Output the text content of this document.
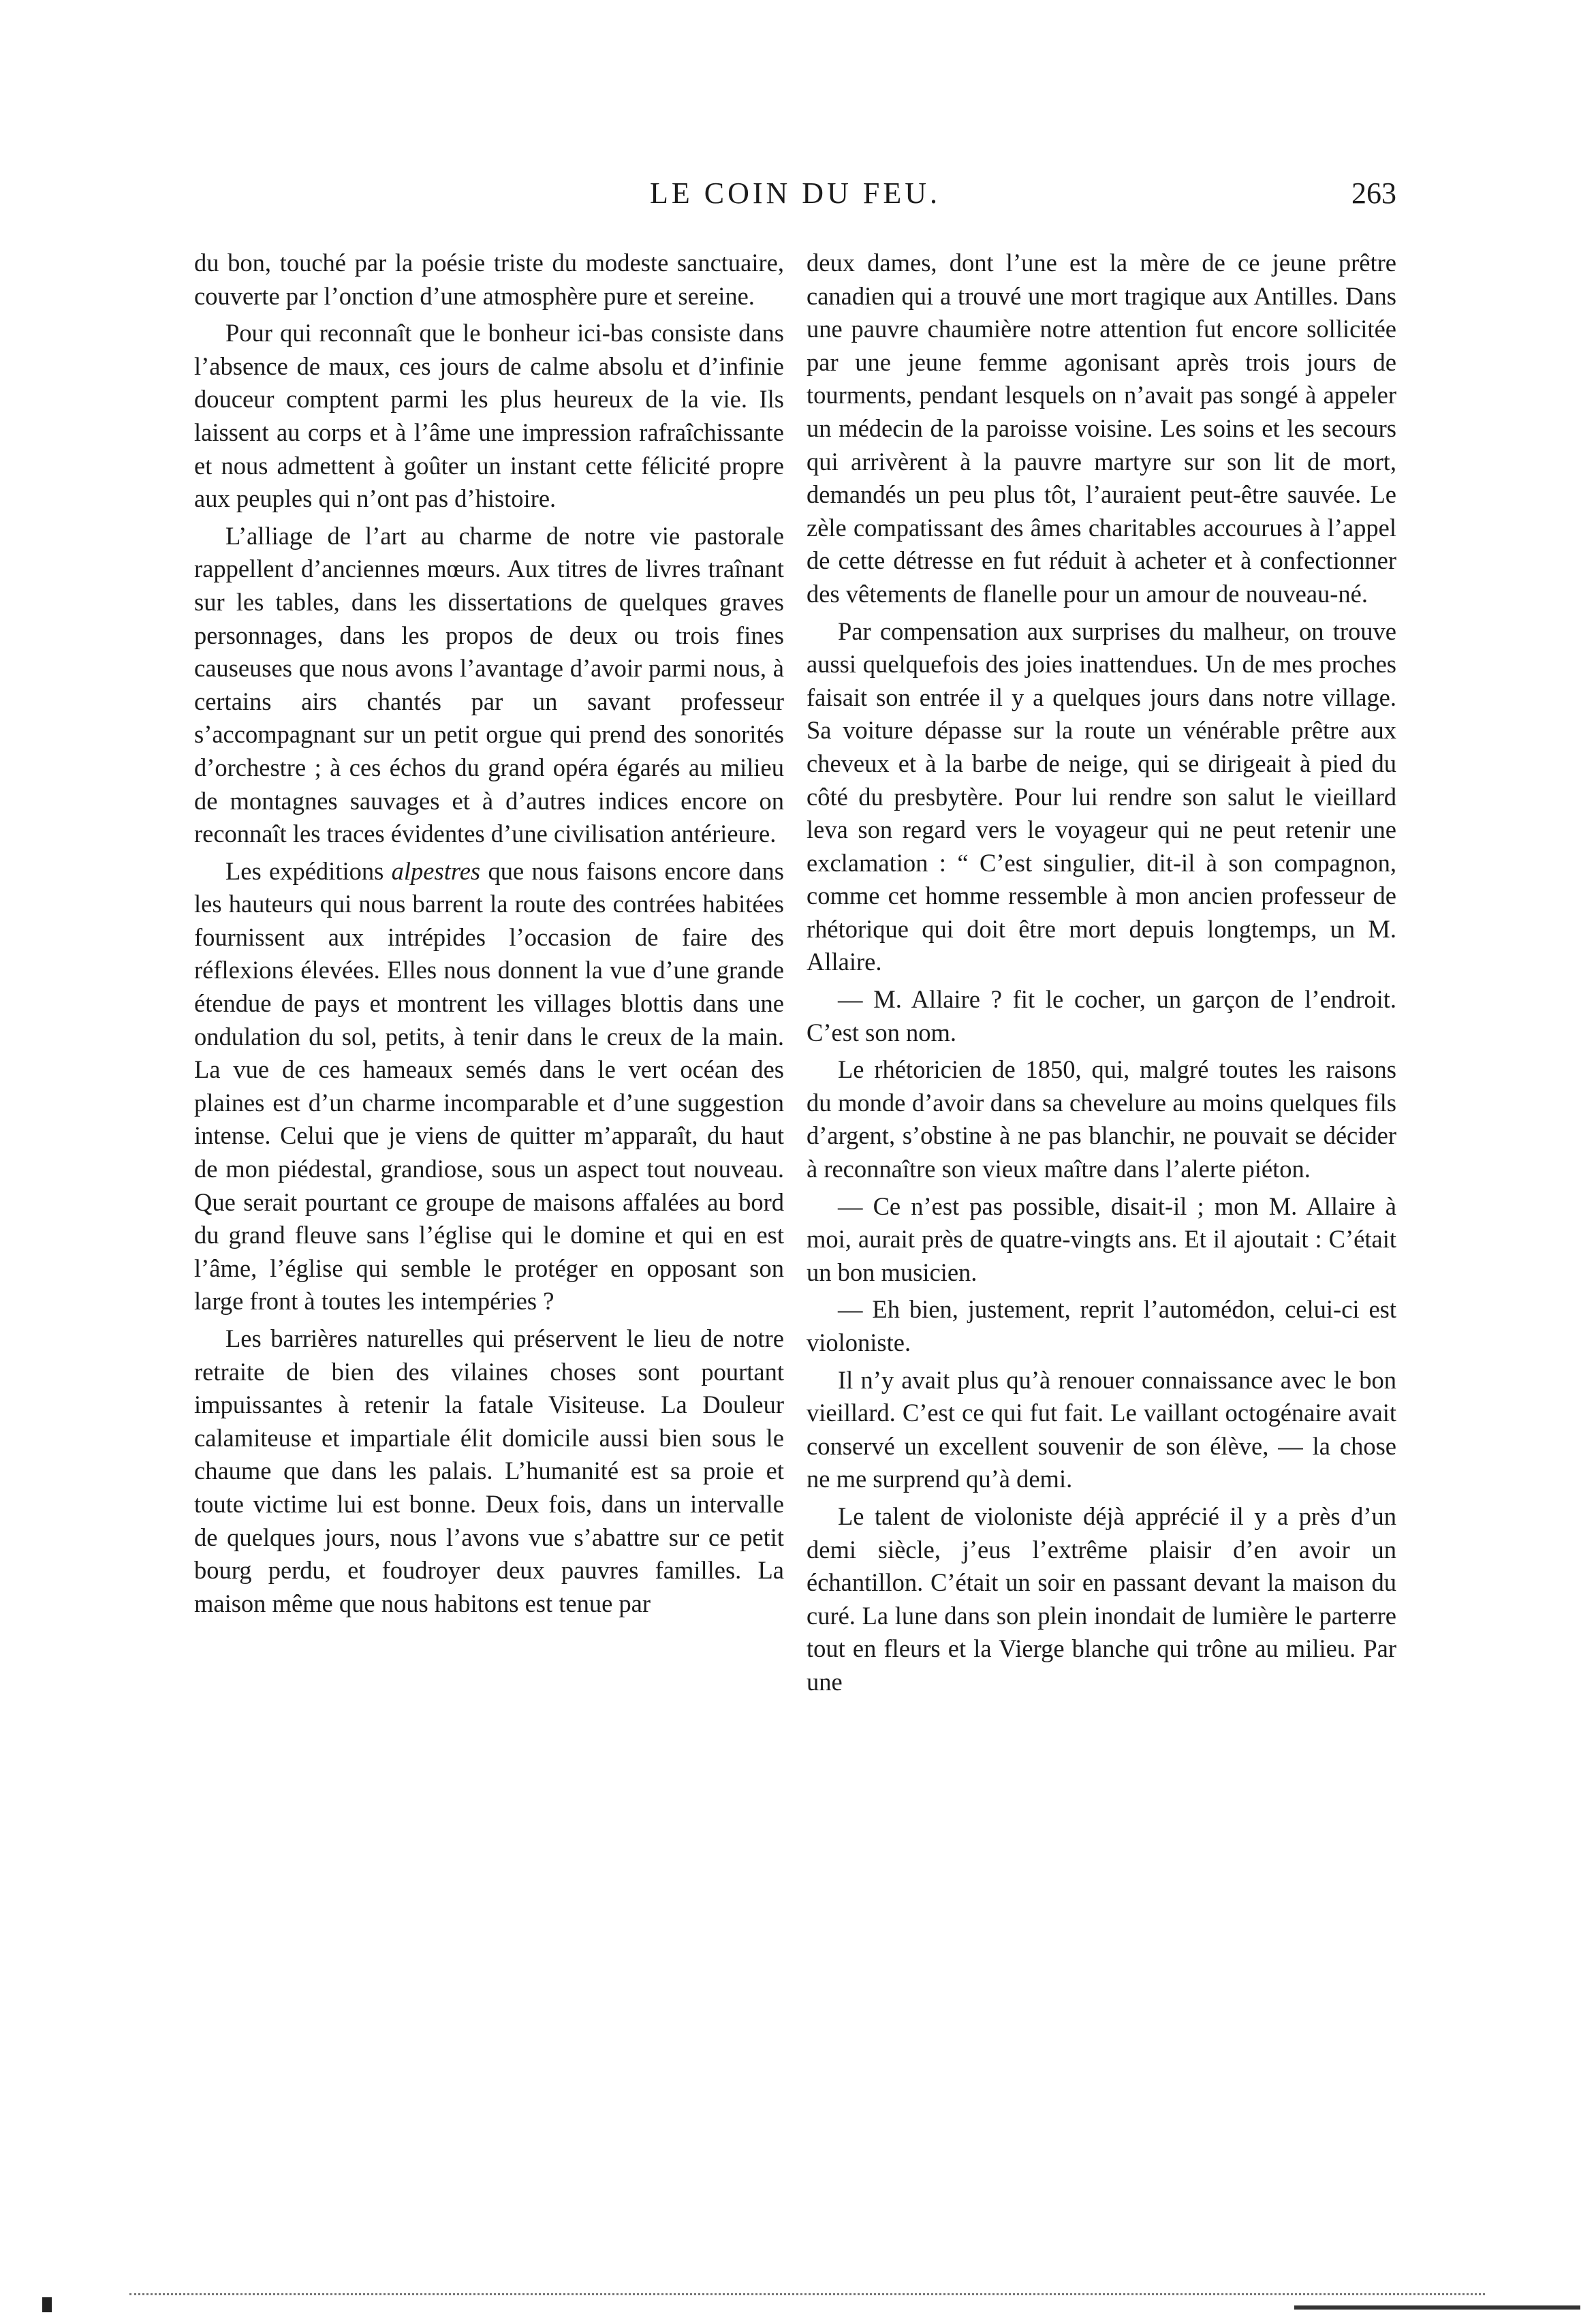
LE COIN DU FEU.	263

du bon, touché par la poésie triste du modeste sanctuaire, couverte par l’onction d’une atmosphère pure et sereine.

Pour qui reconnaît que le bonheur ici-bas consiste dans l’absence de maux, ces jours de calme absolu et d’infinie douceur comptent parmi les plus heureux de la vie. Ils laissent au corps et à l’âme une impression rafraîchissante et nous admettent à goûter un instant cette félicité propre aux peuples qui n’ont pas d’histoire.

L’alliage de l’art au charme de notre vie pastorale rappellent d’anciennes mœurs. Aux titres de livres traînant sur les tables, dans les dissertations de quelques graves personnages, dans les propos de deux ou trois fines causeuses que nous avons l’avantage d’avoir parmi nous, à certains airs chantés par un savant professeur s’accompagnant sur un petit orgue qui prend des sonorités d’orchestre ; à ces échos du grand opéra égarés au milieu de montagnes sauvages et à d’autres indices encore on reconnaît les traces évidentes d’une civilisation antérieure.

Les expéditions alpestres que nous faisons encore dans les hauteurs qui nous barrent la route des contrées habitées fournissent aux intrépides l’occasion de faire des réflexions élevées. Elles nous donnent la vue d’une grande étendue de pays et montrent les villages blottis dans une ondulation du sol, petits, à tenir dans le creux de la main. La vue de ces hameaux semés dans le vert océan des plaines est d’un charme incomparable et d’une suggestion intense. Celui que je viens de quitter m’apparaît, du haut de mon piédestal, grandiose, sous un aspect tout nouveau. Que serait pourtant ce groupe de maisons affalées au bord du grand fleuve sans l’église qui le domine et qui en est l’âme, l’église qui semble le protéger en opposant son large front à toutes les intempéries ?

Les barrières naturelles qui préservent le lieu de notre retraite de bien des vilaines choses sont pourtant impuissantes à retenir la fatale Visiteuse. La Douleur calamiteuse et impartiale élit domicile aussi bien sous le chaume que dans les palais. L’humanité est sa proie et toute victime lui est bonne. Deux fois, dans un intervalle de quelques jours, nous l’avons vue s’abattre sur ce petit bourg perdu, et foudroyer deux pauvres familles. La maison même que nous habitons est tenue par

deux dames, dont l’une est la mère de ce jeune prêtre canadien qui a trouvé une mort tragique aux Antilles. Dans une pauvre chaumière notre attention fut encore sollicitée par une jeune femme agonisant après trois jours de tourments, pendant lesquels on n’avait pas songé à appeler un médecin de la paroisse voisine. Les soins et les secours qui arrivèrent à la pauvre martyre sur son lit de mort, demandés un peu plus tôt, l’auraient peut-être sauvée. Le zèle compatissant des âmes charitables accourues à l’appel de cette détresse en fut réduit à acheter et à confectionner des vêtements de flanelle pour un amour de nouveau-né.

Par compensation aux surprises du malheur, on trouve aussi quelquefois des joies inattendues. Un de mes proches faisait son entrée il y a quelques jours dans notre village. Sa voiture dépasse sur la route un vénérable prêtre aux cheveux et à la barbe de neige, qui se dirigeait à pied du côté du presbytère. Pour lui rendre son salut le vieillard leva son regard vers le voyageur qui ne peut retenir une exclamation : “ C’est singulier, dit-il à son compagnon, comme cet homme ressemble à mon ancien professeur de rhétorique qui doit être mort depuis longtemps, un M. Allaire.

— M. Allaire ? fit le cocher, un garçon de l’endroit. C’est son nom.

Le rhétoricien de 1850, qui, malgré toutes les raisons du monde d’avoir dans sa chevelure au moins quelques fils d’argent, s’obstine à ne pas blanchir, ne pouvait se décider à reconnaître son vieux maître dans l’alerte piéton.

— Ce n’est pas possible, disait-il ; mon M. Allaire à moi, aurait près de quatre-vingts ans. Et il ajoutait : C’était un bon musicien.

— Eh bien, justement, reprit l’automédon, celui-ci est violoniste.

Il n’y avait plus qu’à renouer connaissance avec le bon vieillard. C’est ce qui fut fait. Le vaillant octogénaire avait conservé un excellent souvenir de son élève, — la chose ne me surprend qu’à demi.

Le talent de violoniste déjà apprécié il y a près d’un demi siècle, j’eus l’extrême plaisir d’en avoir un échantillon. C’était un soir en passant devant la maison du curé. La lune dans son plein inondait de lumière le parterre tout en fleurs et la Vierge blanche qui trône au milieu. Par une
